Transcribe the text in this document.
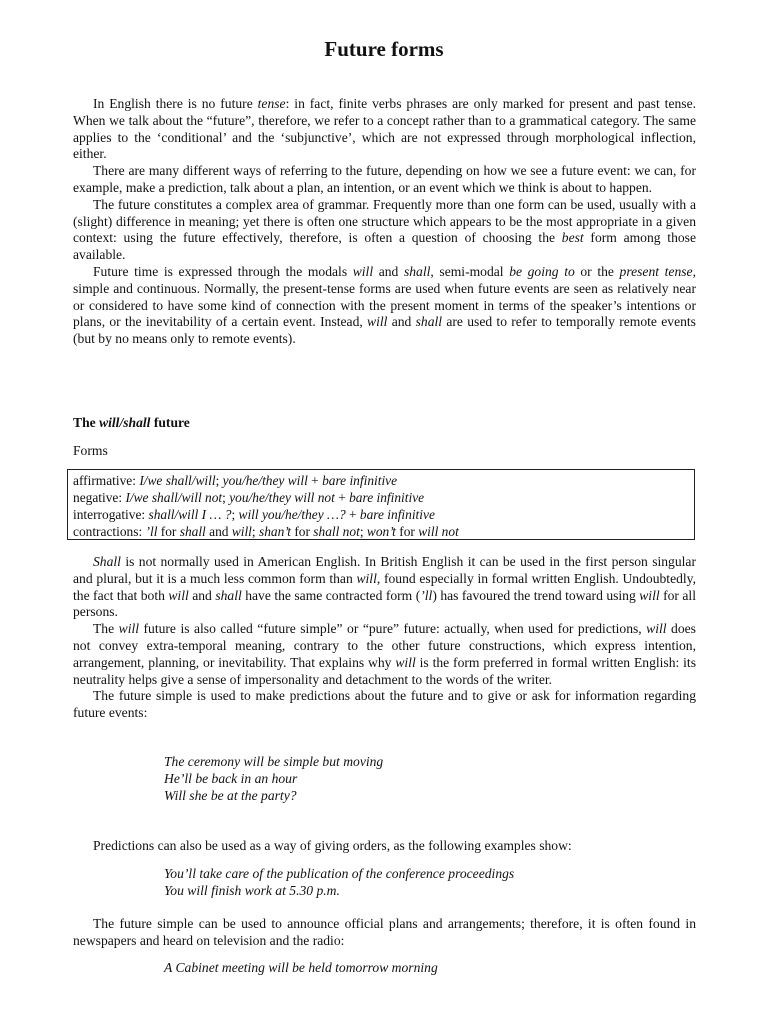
Future forms

In English there is no future tense: in fact, finite verbs phrases are only marked for present and past tense. When we talk about the “future”, therefore, we refer to a concept rather than to a grammatical category. The same applies to the ‘conditional’ and the ‘subjunctive’, which are not expressed through morphological inflection, either.

There are many different ways of referring to the future, depending on how we see a future event: we can, for example, make a prediction, talk about a plan, an intention, or an event which we think is about to happen.

The future constitutes a complex area of grammar. Frequently more than one form can be used, usually with a (slight) difference in meaning; yet there is often one structure which appears to be the most appropriate in a given context: using the future effectively, therefore, is often a question of choosing the best form among those available.

Future time is expressed through the modals will and shall, semi-modal be going to or the present tense, simple and continuous. Normally, the present-tense forms are used when future events are seen as relatively near or considered to have some kind of connection with the present moment in terms of the speaker’s intentions or plans, or the inevitability of a certain event. Instead, will and shall are used to refer to temporally remote events (but by no means only to remote events).

The will/shall future
Forms
affirmative: I/we shall/will; you/he/they will + bare infinitive
negative: I/we shall/will not; you/he/they will not + bare infinitive
interrogative: shall/will I … ?; will you/he/they …? + bare infinitive
contractions: ’ll for shall and will; shan’t for shall not; won’t for will not

Shall is not normally used in American English. In British English it can be used in the first person singular and plural, but it is a much less common form than will, found especially in formal written English. Undoubtedly, the fact that both will and shall have the same contracted form (’ll) has favoured the trend toward using will for all persons.

The will future is also called “future simple” or “pure” future: actually, when used for predictions, will does not convey extra-temporal meaning, contrary to the other future constructions, which express intention, arrangement, planning, or inevitability. That explains why will is the form preferred in formal written English: its neutrality helps give a sense of impersonality and detachment to the words of the writer.

The future simple is used to make predictions about the future and to give or ask for information regarding future events:

The ceremony will be simple but moving
He’ll be back in an hour
Will she be at the party?

Predictions can also be used as a way of giving orders, as the following examples show:

You’ll take care of the publication of the conference proceedings
You will finish work at 5.30 p.m.

The future simple can be used to announce official plans and arrangements; therefore, it is often found in newspapers and heard on television and the radio:

A Cabinet meeting will be held tomorrow morning
